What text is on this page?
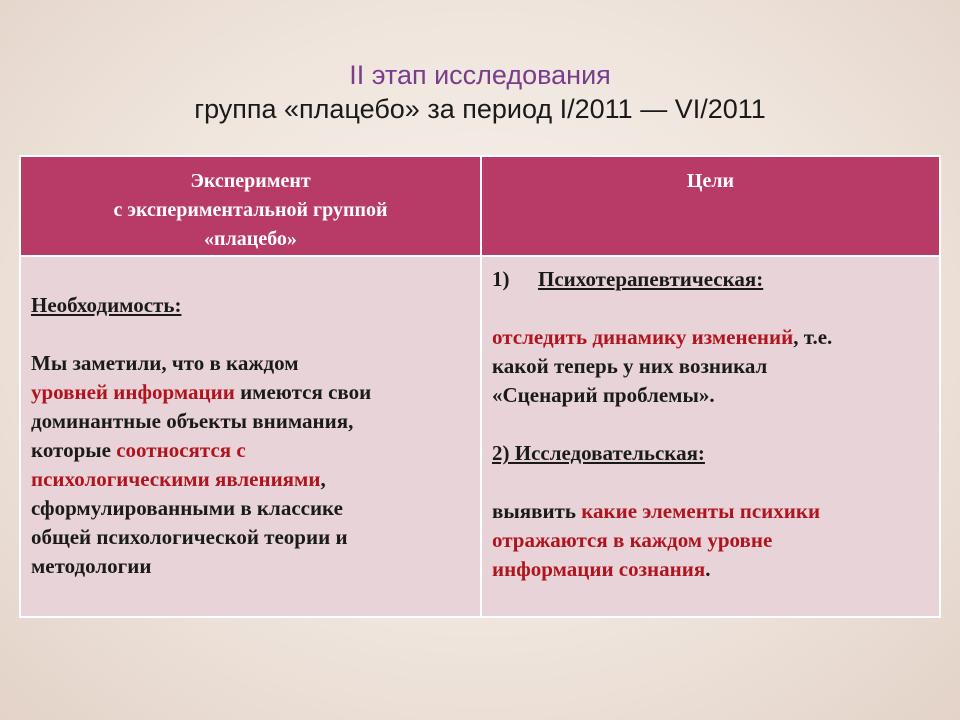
II этап исследования
группа «плацебо» за период I/2011 — VI/2011
Эксперимент
с экспериментальной группой
«плацебо»
Цели
Необходимость:
Мы заметили, что в каждом
уровней информации имеются свои
доминантные объекты внимания,
которые соотносятся с
психологическими явлениями,
сформулированными в классике
общей психологической теории и
методологии
1) Психотерапевтическая:
отследить динамику изменений, т.е.
какой теперь у них возникал
«Сценарий проблемы».
2) Исследовательская:
выявить какие элементы психики
отражаются в каждом уровне
информации сознания.
